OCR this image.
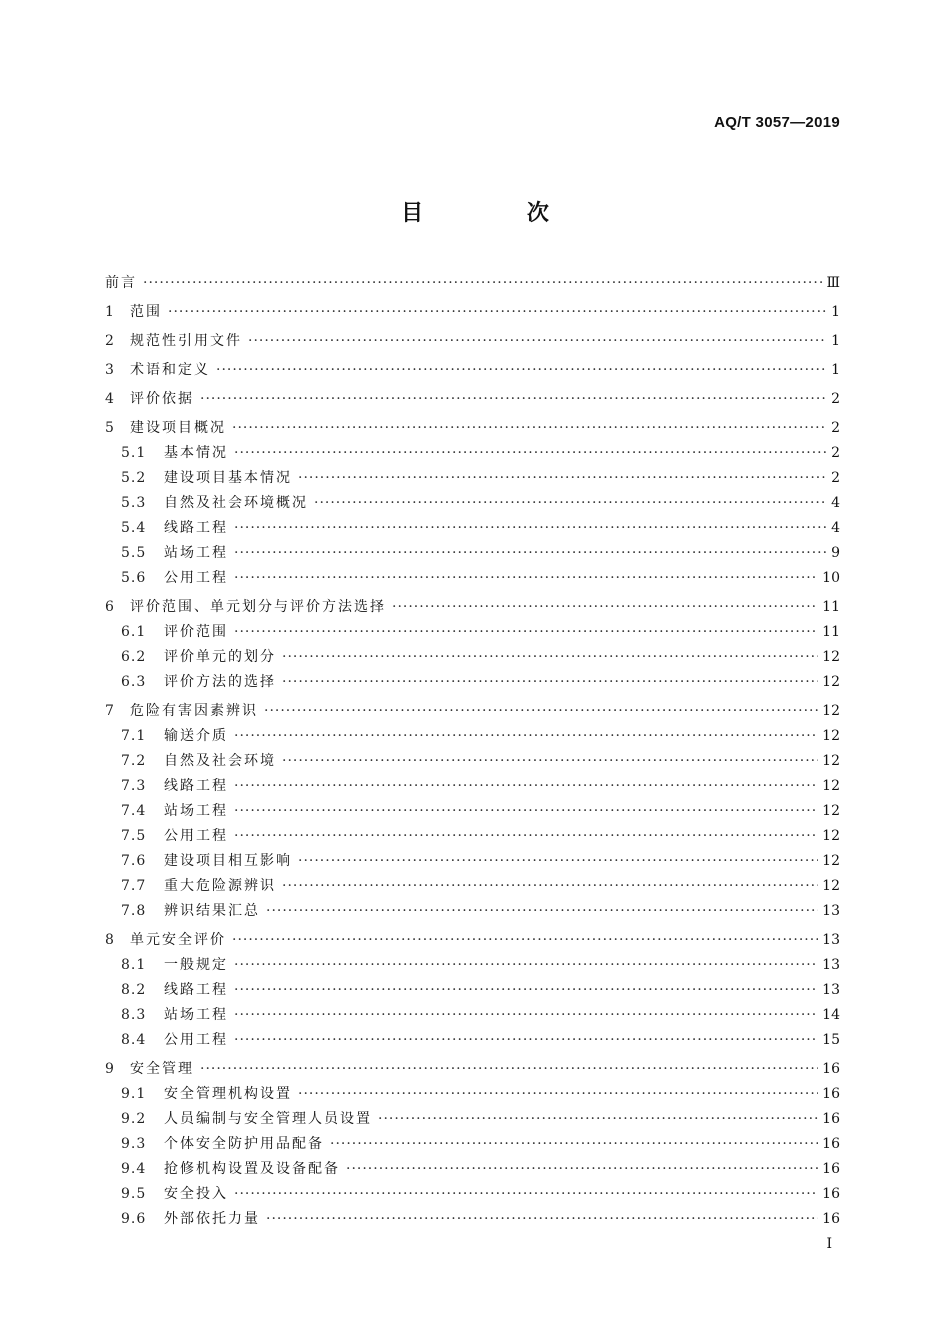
AQ/T 3057—2019
目 次
前言 ·····	Ⅲ
1	范围 ·····	1
2	规范性引用文件 ·····	1
3	术语和定义 ·····	1
4	评价依据 ·····	2
5	建设项目概况 ·····	2
5.1	基本情况 ·····	2
5.2	建设项目基本情况 ·····	2
5.3	自然及社会环境概况 ·····	4
5.4	线路工程 ·····	4
5.5	站场工程 ·····	9
5.6	公用工程 ·····	10
6	评价范围、单元划分与评价方法选择 ·····	11
6.1	评价范围 ·····	11
6.2	评价单元的划分 ·····	12
6.3	评价方法的选择 ·····	12
7	危险有害因素辨识 ·····	12
7.1	输送介质 ·····	12
7.2	自然及社会环境 ·····	12
7.3	线路工程 ·····	12
7.4	站场工程 ·····	12
7.5	公用工程 ·····	12
7.6	建设项目相互影响 ·····	12
7.7	重大危险源辨识 ·····	12
7.8	辨识结果汇总 ·····	13
8	单元安全评价 ·····	13
8.1	一般规定 ·····	13
8.2	线路工程 ·····	13
8.3	站场工程 ·····	14
8.4	公用工程 ·····	15
9	安全管理 ·····	16
9.1	安全管理机构设置 ·····	16
9.2	人员编制与安全管理人员设置 ·····	16
9.3	个体安全防护用品配备 ·····	16
9.4	抢修机构设置及设备配备 ·····	16
9.5	安全投入 ·····	16
9.6	外部依托力量 ·····	16
I
